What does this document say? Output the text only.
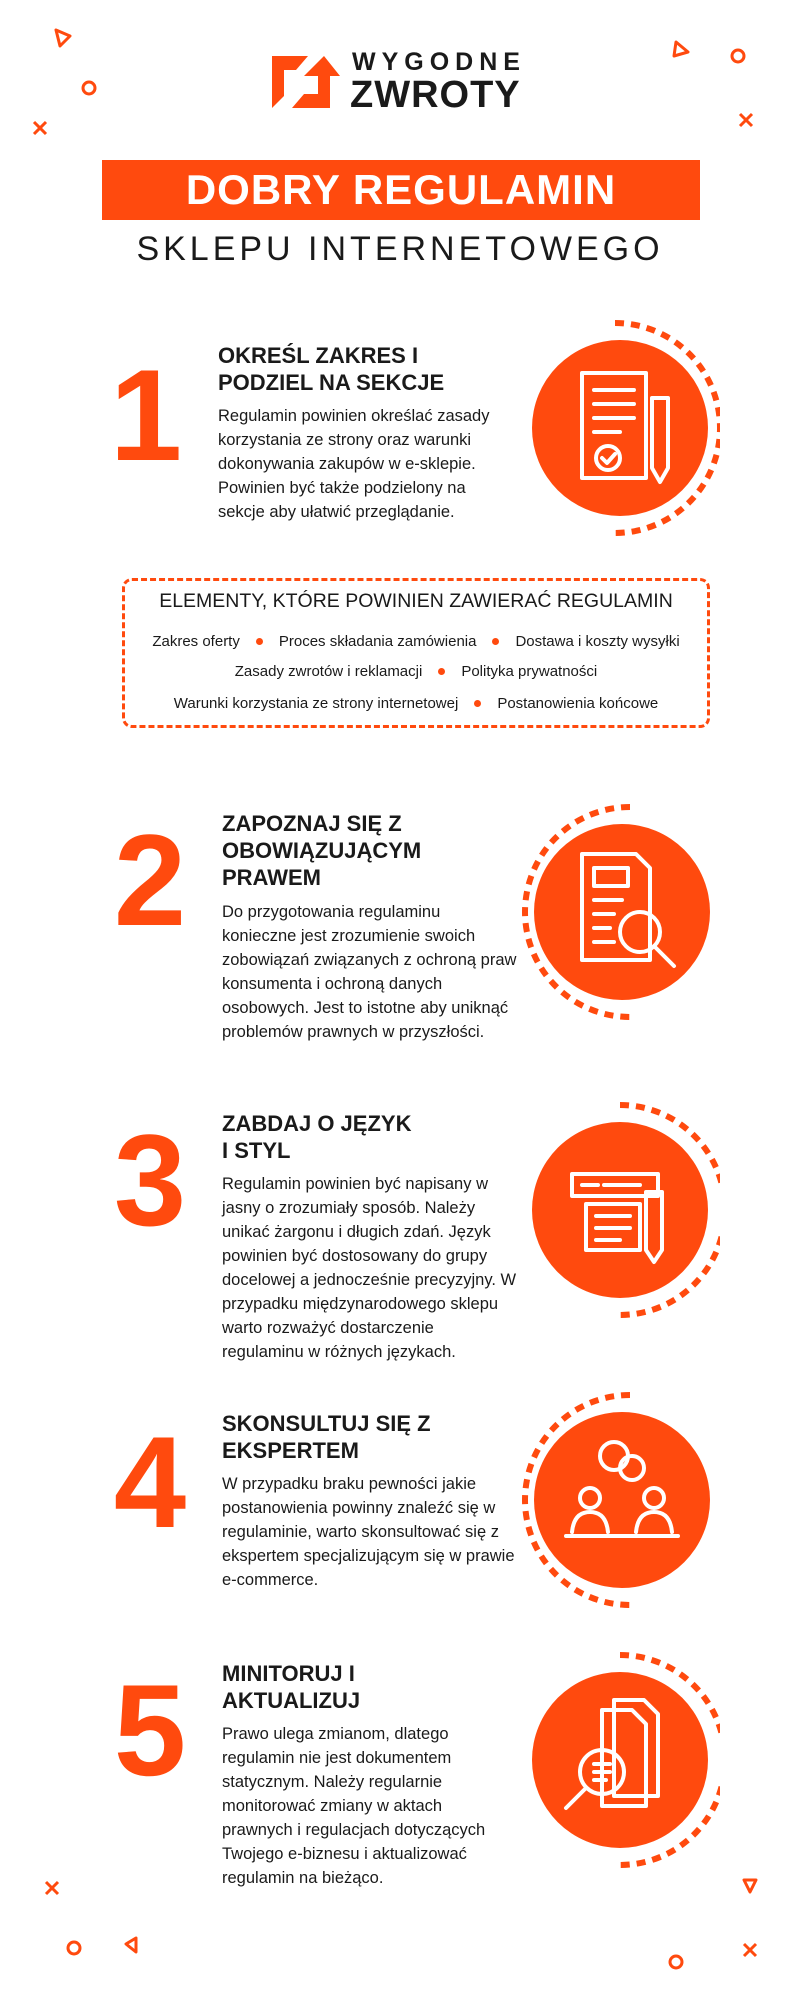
WYGODNE
ZWROTY
DOBRY REGULAMIN
SKLEPU INTERNETOWEGO
1	OKREŚL ZAKRES I PODZIEL NA SEKCJE
Regulamin powinien określać zasady korzystania ze strony oraz warunki dokonywania zakupów w e-sklepie. Powinien być także podzielony na sekcje aby ułatwić przeglądanie.
ELEMENTY, KTÓRE POWINIEN ZAWIERAĆ REGULAMIN
Zakres oferty	Proces składania zamówienia	Dostawa i koszty wysyłki
Zasady zwrotów i reklamacji	Polityka prywatności
Warunki korzystania ze strony internetowej	Postanowienia końcowe
2	ZAPOZNAJ SIĘ Z OBOWIĄZUJĄCYM PRAWEM
Do przygotowania regulaminu konieczne jest zrozumienie swoich zobowiązań związanych z ochroną praw konsumenta i ochroną danych osobowych. Jest to istotne aby uniknąć problemów prawnych w przyszłości.
3	ZABDAJ O JĘZYK I STYL
Regulamin powinien być napisany w jasny o zrozumiały sposób. Należy unikać żargonu i długich zdań. Język powinien być dostosowany do grupy docelowej a jednocześnie precyzyjny. W przypadku międzynarodowego sklepu warto rozważyć dostarczenie regulaminu w różnych językach.
4	SKONSULTUJ SIĘ Z EKSPERTEM
W przypadku braku pewności jakie postanowienia powinny znaleźć się w regulaminie, warto skonsultować się z ekspertem specjalizującym się w prawie e-commerce.
5	MINITORUJ I AKTUALIZUJ
Prawo ulega zmianom, dlatego regulamin nie jest dokumentem statycznym. Należy regularnie monitorować zmiany w aktach prawnych i regulacjach dotyczących Twojego e-biznesu i aktualizować regulamin na bieżąco.
